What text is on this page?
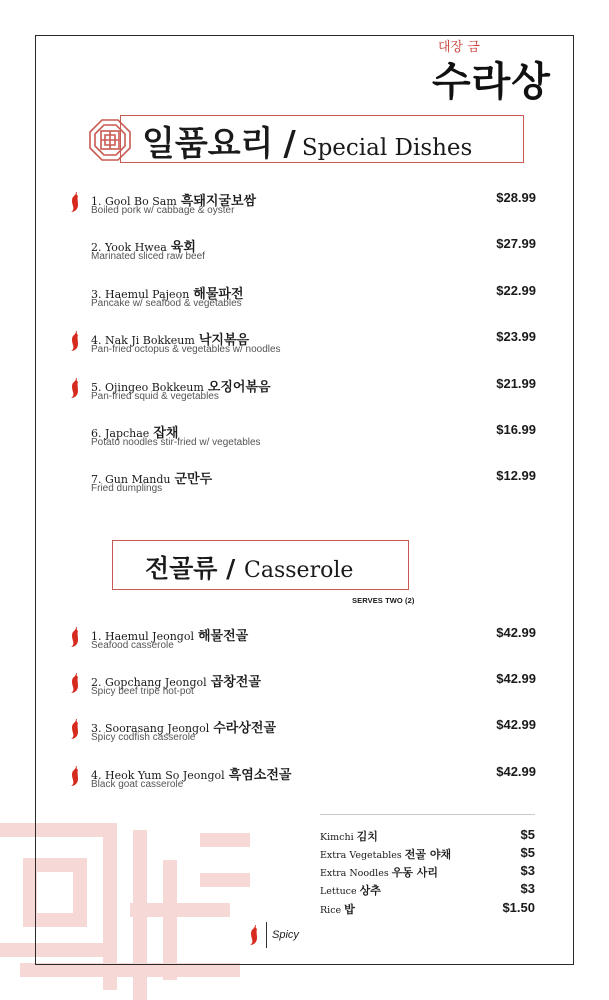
대장 금
수라상
일품요리 / Special Dishes
1. Gool Bo Sam 흑돼지굴보쌈
Boiled pork w/ cabbage & oyster
$28.99
2. Yook Hwea 육회
Marinated sliced raw beef
$27.99
3. Haemul Pajeon 해물파전
Pancake w/ seafood & vegetables
$22.99
4. Nak Ji Bokkeum 낙지볶음
Pan-fried octopus & vegetables w/ noodles
$23.99
5. Ojingeo Bokkeum 오징어볶음
Pan-fried squid & vegetables
$21.99
6. Japchae 잡채
Potato noodles stir-fried w/ vegetables
$16.99
7. Gun Mandu 군만두
Fried dumplings
$12.99
전골류 / Casserole
SERVES TWO (2)
1. Haemul Jeongol 해물전골
Seafood casserole
$42.99
2. Gopchang Jeongol 곱창전골
Spicy beef tripe hot-pot
$42.99
3. Soorasang Jeongol 수라상전골
Spicy codfish casserole
$42.99
4. Heok Yum So Jeongol 흑염소전골
Black goat casserole
$42.99
Kimchi 김치	$5
Extra Vegetables 전골 야채	$5
Extra Noodles 우동 사리	$3
Lettuce 상추	$3
Rice 밥	$1.50
Spicy
